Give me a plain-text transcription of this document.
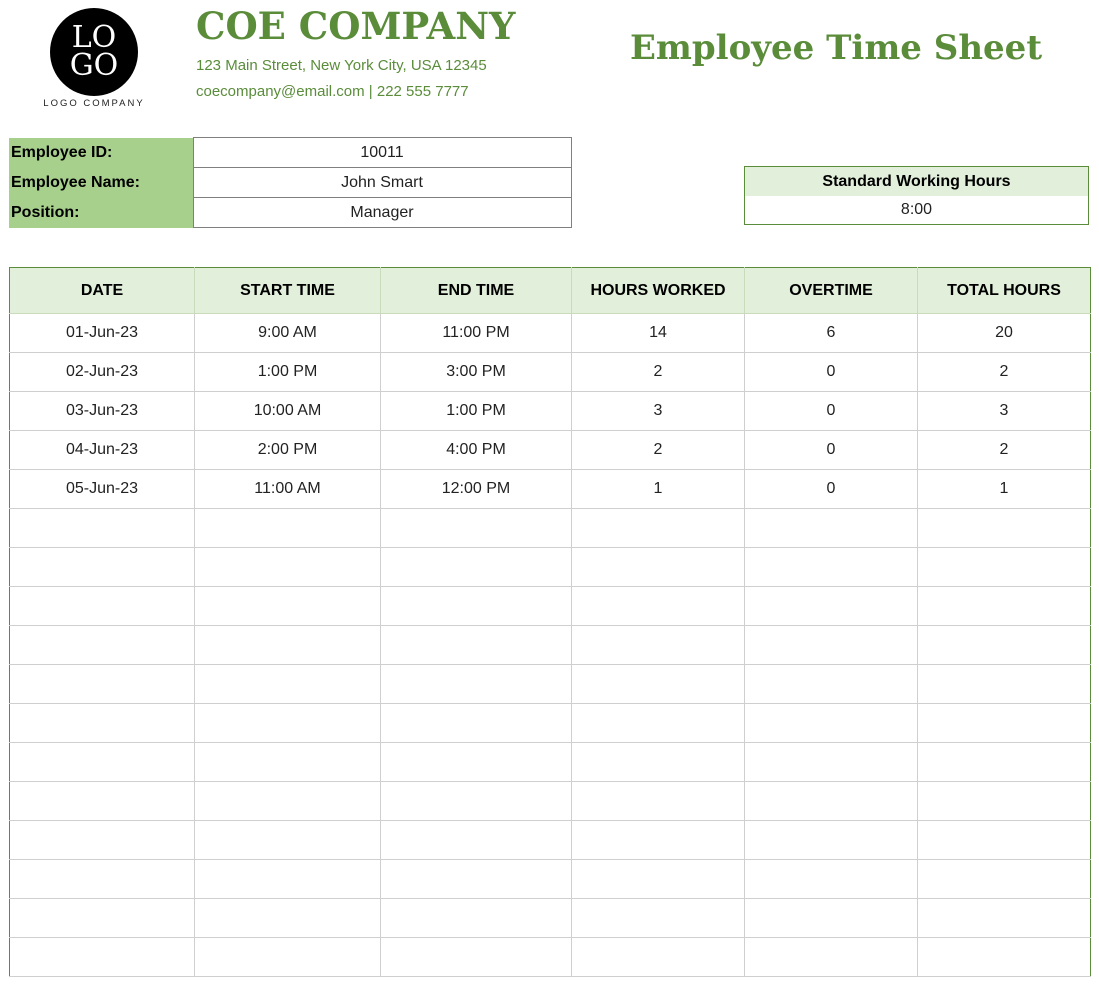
LO
GO
LOGO COMPANY
COE COMPANY
123 Main Street, New York City, USA 12345
coecompany@email.com | 222 555 7777
Employee Time Sheet
Employee ID:	10011
Employee Name:	John Smart
Position:	Manager
Standard Working Hours
8:00
DATE	START TIME	END TIME	HOURS WORKED	OVERTIME	TOTAL HOURS
01-Jun-23	9:00 AM	11:00 PM	14	6	20
02-Jun-23	1:00 PM	3:00 PM	2	0	2
03-Jun-23	10:00 AM	1:00 PM	3	0	3
04-Jun-23	2:00 PM	4:00 PM	2	0	2
05-Jun-23	11:00 AM	12:00 PM	1	0	1
